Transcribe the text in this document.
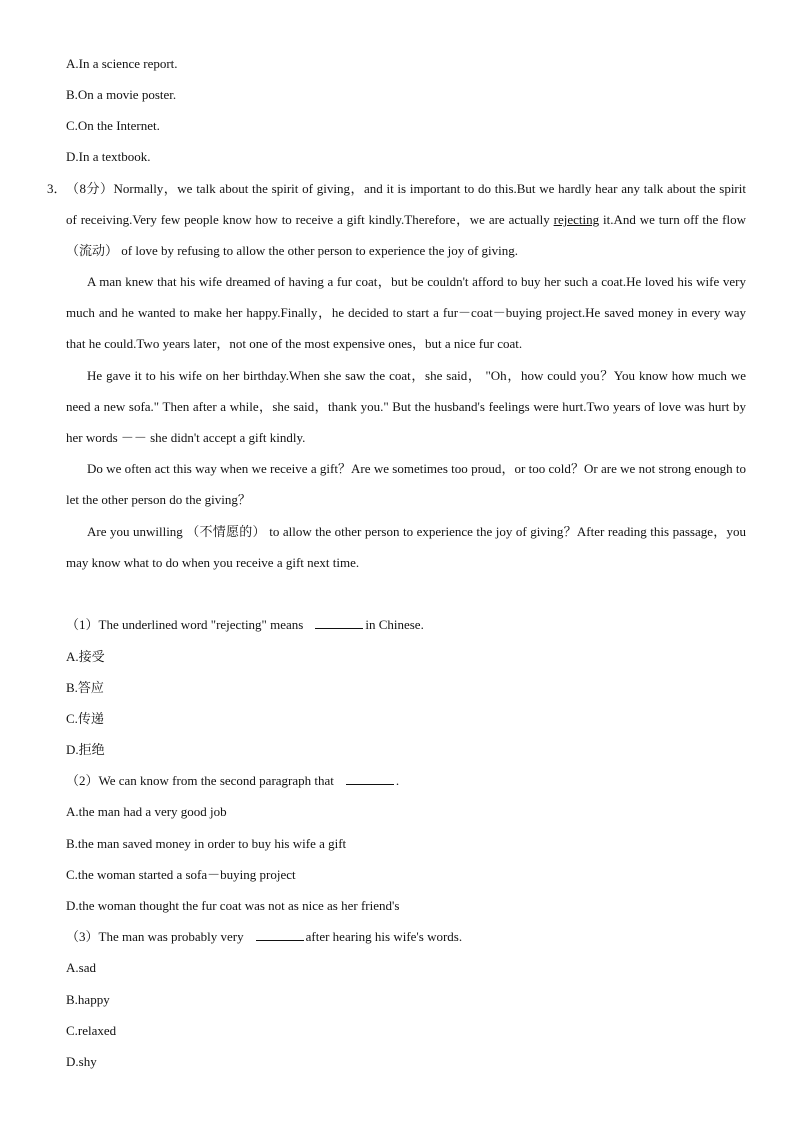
A.In a science report.
B.On a movie poster.
C.On the Internet.
D.In a textbook.
3． （8分）Normally，we talk about the spirit of giving，and it is important to do this.But we hardly hear any talk about the spirit of receiving.Very few people know how to receive a gift kindly.Therefore，we are actually rejecting it.And we turn off the flow （流动） of love by refusing to allow the other person to experience the joy of giving.
A man knew that his wife dreamed of having a fur coat，but be couldn't afford to buy her such a coat.He loved his wife very much and he wanted to make her happy.Finally，he decided to start a fur－coat－buying project.He saved money in every way that he could.Two years later，not one of the most expensive ones，but a nice fur coat.
He gave it to his wife on her birthday.When she saw the coat，she said， "Oh，how could you？You know how much we need a new sofa." Then after a while，she said，thank you." But the husband's feelings were hurt.Two years of love was hurt by her words －－ she didn't accept a gift kindly.
Do we often act this way when we receive a gift？Are we sometimes too proud，or too cold？Or are we not strong enough to let the other person do the giving？
Are you unwilling （不情愿的） to allow the other person to experience the joy of giving？After reading this passage，you may know what to do when you receive a gift next time.
（1）The underlined word "rejecting" means	in Chinese.
A.接受
B.答应
C.传递
D.拒绝
（2）We can know from the second paragraph that	.
A.the man had a very good job
B.the man saved money in order to buy his wife a gift
C.the woman started a sofa－buying project
D.the woman thought the fur coat was not as nice as her friend's
（3）The man was probably very	after hearing his wife's words.
A.sad
B.happy
C.relaxed
D.shy
